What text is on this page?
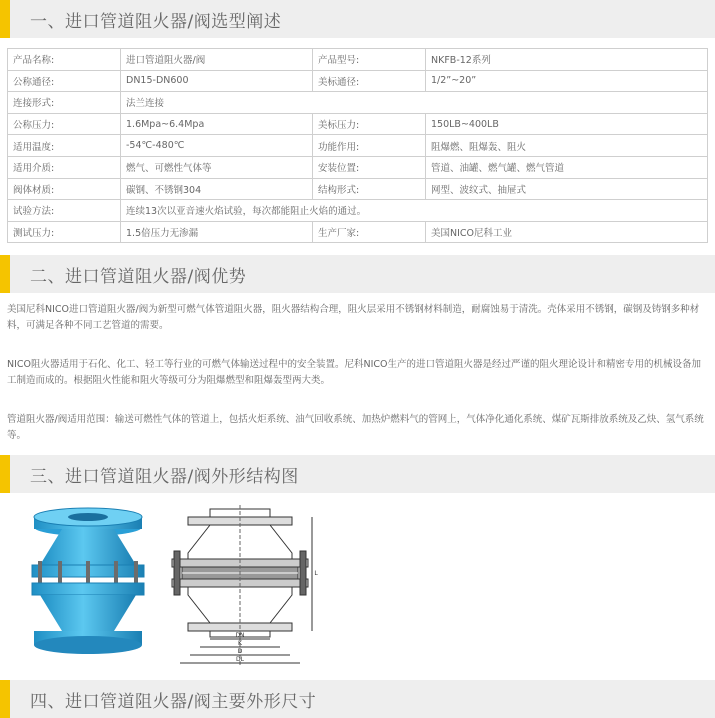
一、进口管道阻火器/阀选型阐述
产品名称:	进口管道阻火器/阀	产品型号:	NKFB-12系列
公称通径:	DN15-DN600	美标通径:	1/2”~20”
连接形式:	法兰连接		
公称压力:	1.6Mpa~6.4Mpa	美标压力:	150LB~400LB
适用温度:	-54℃-480℃	功能作用:	阻爆燃、阻爆轰、阻火
适用介质:	燃气、可燃性气体等	安装位置:	管道、油罐、燃气罐、燃气管道
阀体材质:	碳钢、不锈钢304	结构形式:	网型、波纹式、抽屉式
试验方法:	连续13次以亚音速火焰试验，每次都能阻止火焰的通过。		
测试压力:	1.5倍压力无渗漏	生产厂家:	美国NICO尼科工业
二、进口管道阻火器/阀优势
美国尼科NICO进口管道阻火器/阀为新型可燃气体管道阻火器，阻火器结构合理，阻火层采用不锈钢材料制造，耐腐蚀易于清洗。壳体采用不锈钢，碳钢及铸钢多种材料，可满足各种不同工艺管道的需要。
NICO阻火器适用于石化、化工、轻工等行业的可燃气体输送过程中的安全装置。尼科NICO生产的进口管道阻火器是经过严谨的阻火理论设计和精密专用的机械设备加工制造而成的。根据阻火性能和阻火等级可分为阻爆燃型和阻爆轰型两大类。
管道阻火器/阀适用范围：输送可燃性气体的管道上，包括火炬系统、油气回收系统、加热炉燃料气的管网上，气体净化通化系统、煤矿瓦斯排放系统及乙炔、氢气系统等。
三、进口管道阻火器/阀外形结构图
DN
K
D
DL
L
四、进口管道阻火器/阀主要外形尺寸
